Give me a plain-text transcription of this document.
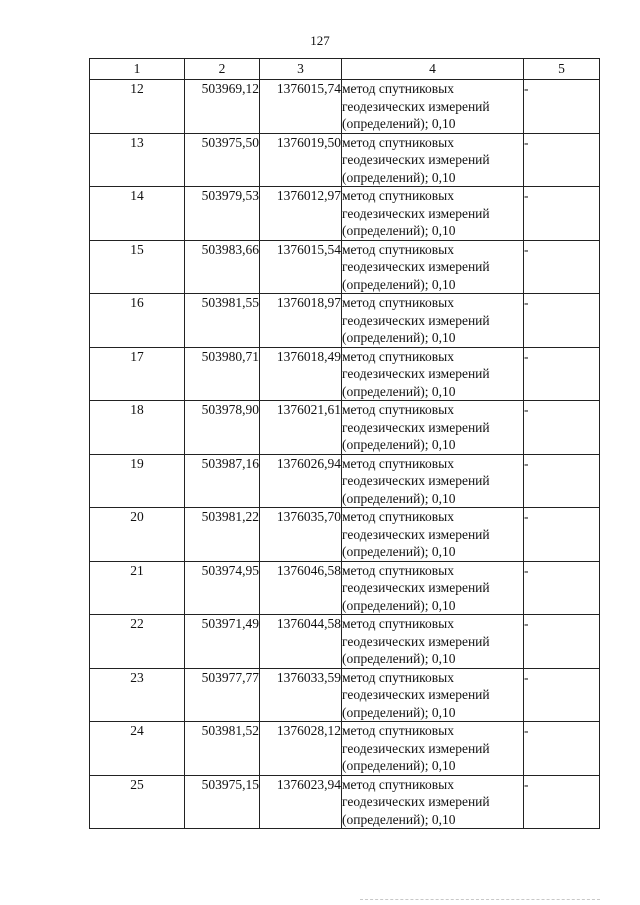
127
1	2	3	4	5
12	503969,12	1376015,74	метод спутниковых
геодезических измерений
(определений); 0,10	-
13	503975,50	1376019,50	метод спутниковых
геодезических измерений
(определений); 0,10	-
14	503979,53	1376012,97	метод спутниковых
геодезических измерений
(определений); 0,10	-
15	503983,66	1376015,54	метод спутниковых
геодезических измерений
(определений); 0,10	-
16	503981,55	1376018,97	метод спутниковых
геодезических измерений
(определений); 0,10	-
17	503980,71	1376018,49	метод спутниковых
геодезических измерений
(определений); 0,10	-
18	503978,90	1376021,61	метод спутниковых
геодезических измерений
(определений); 0,10	-
19	503987,16	1376026,94	метод спутниковых
геодезических измерений
(определений); 0,10	-
20	503981,22	1376035,70	метод спутниковых
геодезических измерений
(определений); 0,10	-
21	503974,95	1376046,58	метод спутниковых
геодезических измерений
(определений); 0,10	-
22	503971,49	1376044,58	метод спутниковых
геодезических измерений
(определений); 0,10	-
23	503977,77	1376033,59	метод спутниковых
геодезических измерений
(определений); 0,10	-
24	503981,52	1376028,12	метод спутниковых
геодезических измерений
(определений); 0,10	-
25	503975,15	1376023,94	метод спутниковых
геодезических измерений
(определений); 0,10	-
